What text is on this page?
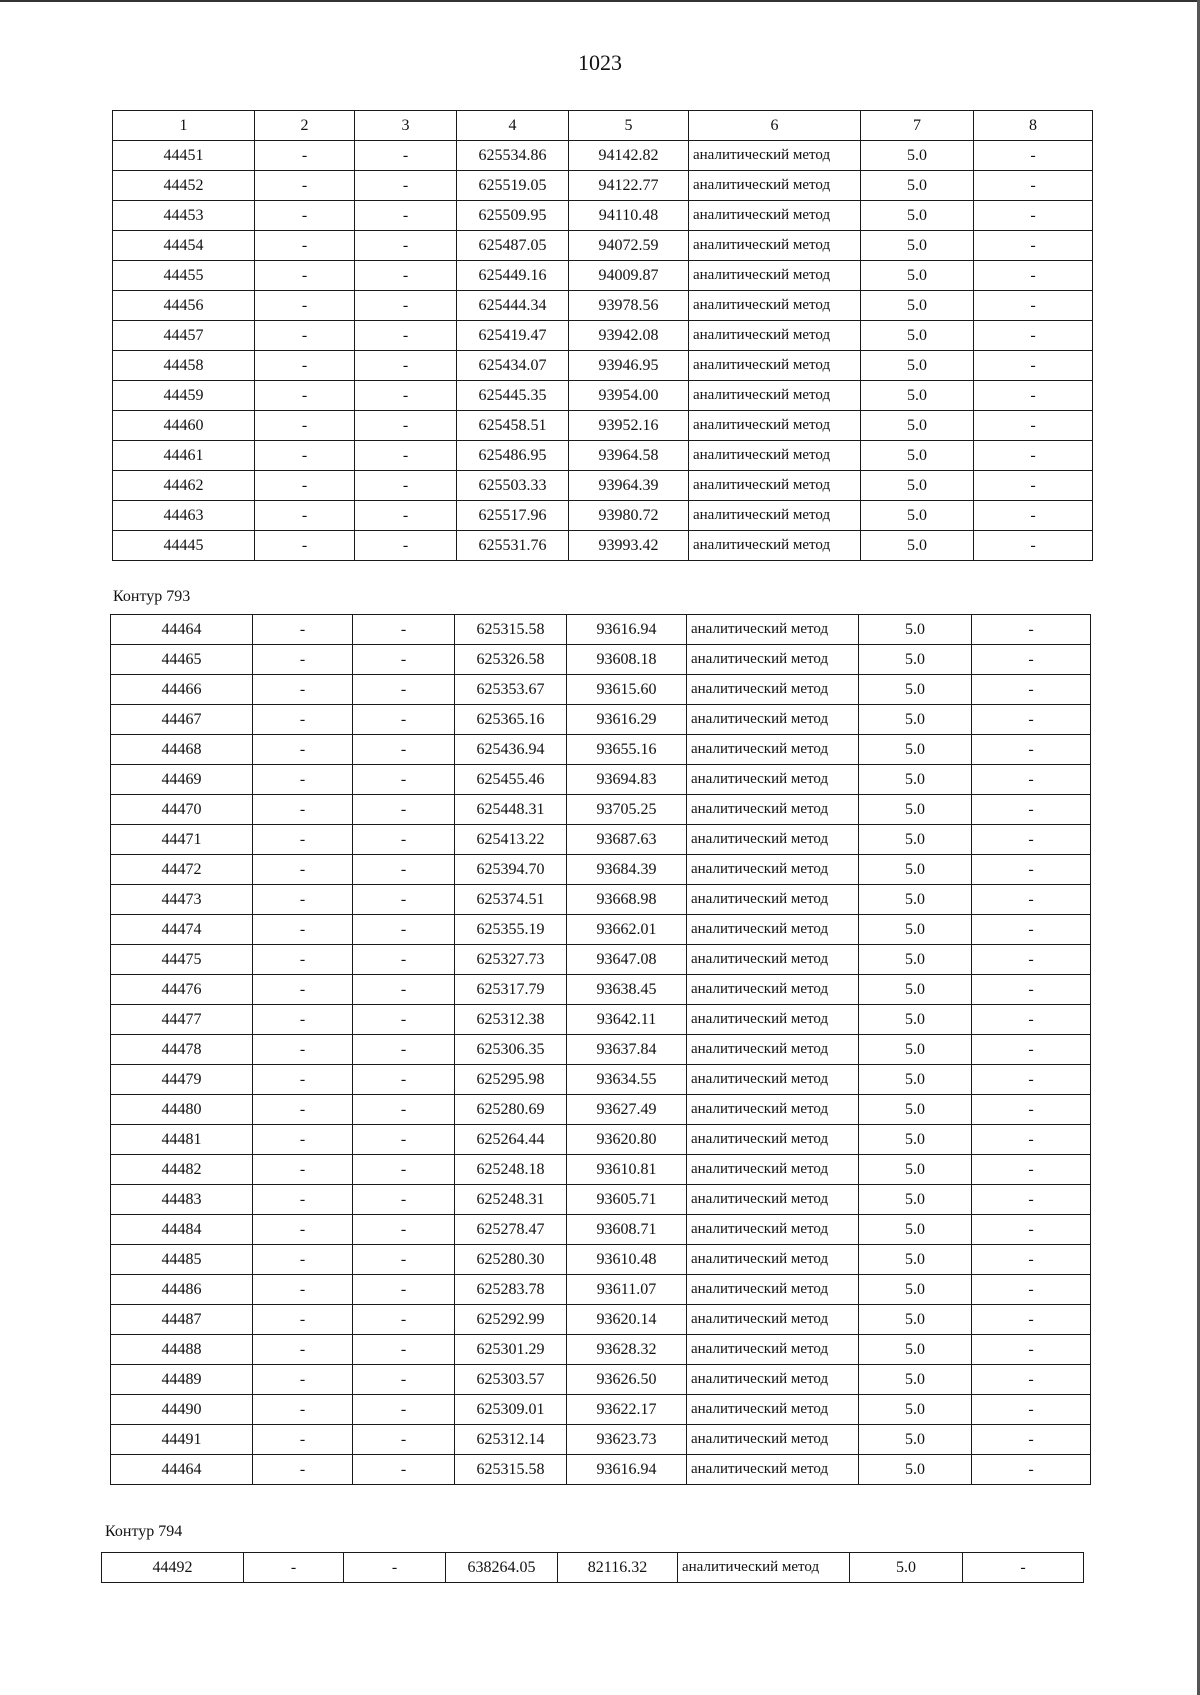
1023
1	2	3	4	5	6	7	8
44451	-	-	625534.86	94142.82	аналитический метод	5.0	-
44452	-	-	625519.05	94122.77	аналитический метод	5.0	-
44453	-	-	625509.95	94110.48	аналитический метод	5.0	-
44454	-	-	625487.05	94072.59	аналитический метод	5.0	-
44455	-	-	625449.16	94009.87	аналитический метод	5.0	-
44456	-	-	625444.34	93978.56	аналитический метод	5.0	-
44457	-	-	625419.47	93942.08	аналитический метод	5.0	-
44458	-	-	625434.07	93946.95	аналитический метод	5.0	-
44459	-	-	625445.35	93954.00	аналитический метод	5.0	-
44460	-	-	625458.51	93952.16	аналитический метод	5.0	-
44461	-	-	625486.95	93964.58	аналитический метод	5.0	-
44462	-	-	625503.33	93964.39	аналитический метод	5.0	-
44463	-	-	625517.96	93980.72	аналитический метод	5.0	-
44445	-	-	625531.76	93993.42	аналитический метод	5.0	-
Контур 793
44464	-	-	625315.58	93616.94	аналитический метод	5.0	-
44465	-	-	625326.58	93608.18	аналитический метод	5.0	-
44466	-	-	625353.67	93615.60	аналитический метод	5.0	-
44467	-	-	625365.16	93616.29	аналитический метод	5.0	-
44468	-	-	625436.94	93655.16	аналитический метод	5.0	-
44469	-	-	625455.46	93694.83	аналитический метод	5.0	-
44470	-	-	625448.31	93705.25	аналитический метод	5.0	-
44471	-	-	625413.22	93687.63	аналитический метод	5.0	-
44472	-	-	625394.70	93684.39	аналитический метод	5.0	-
44473	-	-	625374.51	93668.98	аналитический метод	5.0	-
44474	-	-	625355.19	93662.01	аналитический метод	5.0	-
44475	-	-	625327.73	93647.08	аналитический метод	5.0	-
44476	-	-	625317.79	93638.45	аналитический метод	5.0	-
44477	-	-	625312.38	93642.11	аналитический метод	5.0	-
44478	-	-	625306.35	93637.84	аналитический метод	5.0	-
44479	-	-	625295.98	93634.55	аналитический метод	5.0	-
44480	-	-	625280.69	93627.49	аналитический метод	5.0	-
44481	-	-	625264.44	93620.80	аналитический метод	5.0	-
44482	-	-	625248.18	93610.81	аналитический метод	5.0	-
44483	-	-	625248.31	93605.71	аналитический метод	5.0	-
44484	-	-	625278.47	93608.71	аналитический метод	5.0	-
44485	-	-	625280.30	93610.48	аналитический метод	5.0	-
44486	-	-	625283.78	93611.07	аналитический метод	5.0	-
44487	-	-	625292.99	93620.14	аналитический метод	5.0	-
44488	-	-	625301.29	93628.32	аналитический метод	5.0	-
44489	-	-	625303.57	93626.50	аналитический метод	5.0	-
44490	-	-	625309.01	93622.17	аналитический метод	5.0	-
44491	-	-	625312.14	93623.73	аналитический метод	5.0	-
44464	-	-	625315.58	93616.94	аналитический метод	5.0	-
Контур 794
44492	-	-	638264.05	82116.32	аналитический метод	5.0	-
